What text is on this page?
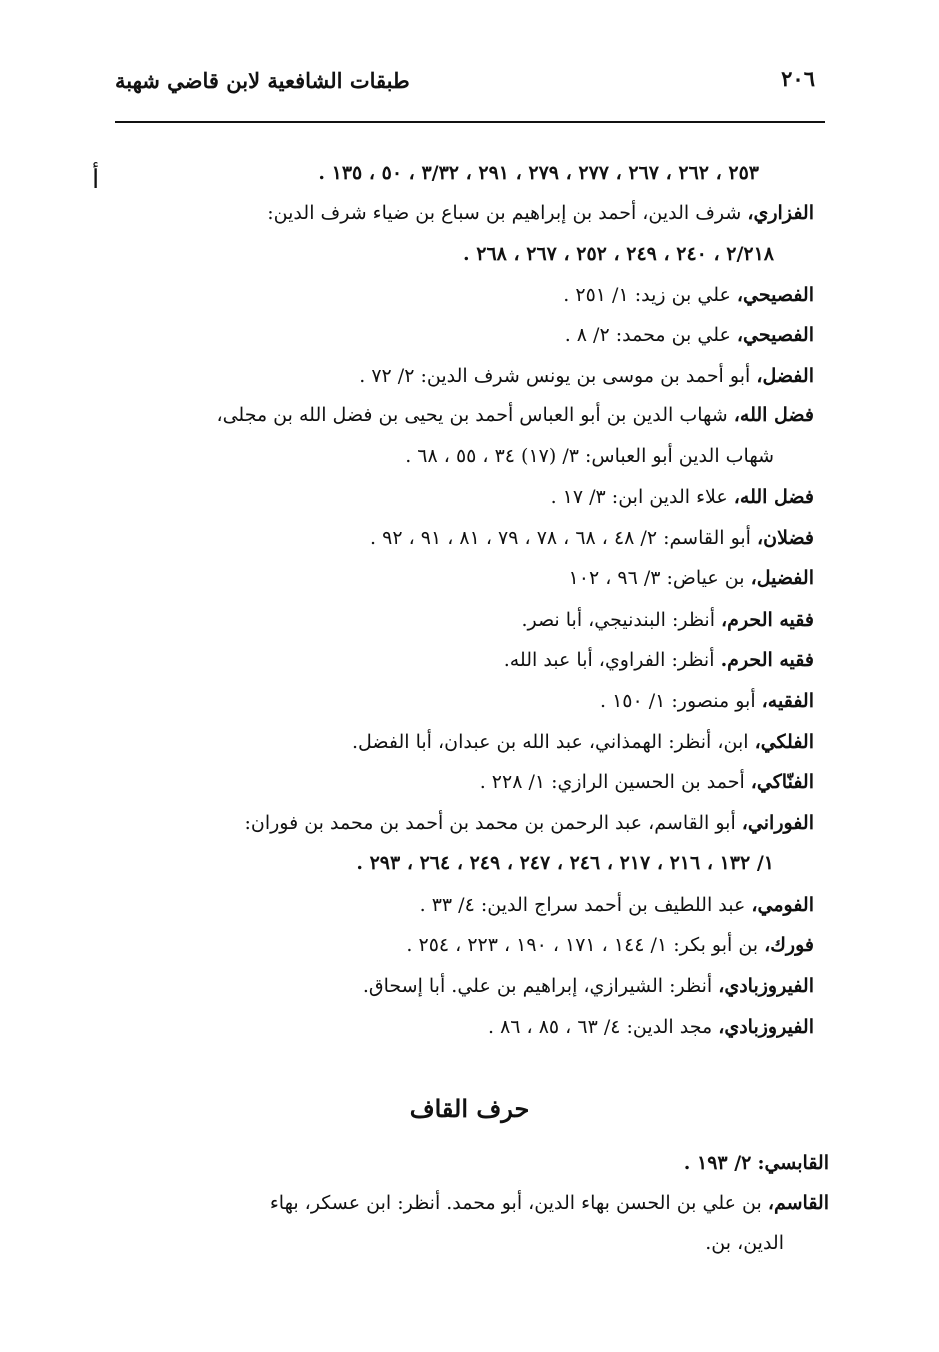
٢٠٦
طبقات الشافعية لابن قاضي شهبة
أ	٢٥٣ ، ٢٦٢ ، ٢٦٧ ، ٢٧٧ ، ٢٧٩ ، ٢٩١ ، ٣/٣٢ ، ٥٠ ، ١٣٥ .
الفزاري، شرف الدين، أحمد بن إبراهيم بن سباع بن ضياء شرف الدين:
٢/٢١٨ ، ٢٤٠ ، ٢٤٩ ، ٢٥٢ ، ٢٦٧ ، ٢٦٨ .
الفصيحي، علي بن زيد: ١/ ٢٥١ .
الفصيحي، علي بن محمد: ٢/ ٨ .
الفضل، أبو أحمد بن موسى بن يونس شرف الدين: ٢/ ٧٢ .
فضل الله، شهاب الدين بن أبو العباس أحمد بن يحيى بن فضل الله بن مجلى،
شهاب الدين أبو العباس: ٣/ (١٧) ٣٤ ، ٥٥ ، ٦٨ .
فضل الله، علاء الدين ابن: ٣/ ١٧ .
فضلان، أبو القاسم: ٢/ ٤٨ ، ٦٨ ، ٧٨ ، ٧٩ ، ٨١ ، ٩١ ، ٩٢ .
الفضيل، بن عياض: ٣/ ٩٦ ، ١٠٢
فقيه الحرم، أنظر: البندنيجي، أبا نصر.
فقيه الحرم. أنظر: الفراوي، أبا عبد الله.
الفقيه، أبو منصور: ١/ ١٥٠ .
الفلكي، ابن، أنظر: الهمذاني، عبد الله بن عبدان، أبا الفضل.
الفنّاكي، أحمد بن الحسين الرازي: ١/ ٢٢٨ .
الفوراني، أبو القاسم، عبد الرحمن بن محمد بن أحمد بن محمد بن فوران:
١/ ١٣٢ ، ٢١٦ ، ٢١٧ ، ٢٤٦ ، ٢٤٧ ، ٢٤٩ ، ٢٦٤ ، ٢٩٣ .
الفومي، عبد اللطيف بن أحمد سراج الدين: ٤/ ٣٣ .
فورك، بن أبو بكر: ١/ ١٤٤ ، ١٧١ ، ١٩٠ ، ٢٢٣ ، ٢٥٤ .
الفيروزبادي، أنظر: الشيرازي، إبراهيم بن علي. أبا إسحاق.
الفيروزبادي، مجد الدين: ٤/ ٦٣ ، ٨٥ ، ٨٦ .
حرف القاف
القابسي: ٢/ ١٩٣ .
القاسم، بن علي بن الحسن بهاء الدين، أبو محمد. أنظر: ابن عسكر، بهاء
الدين، بن.
